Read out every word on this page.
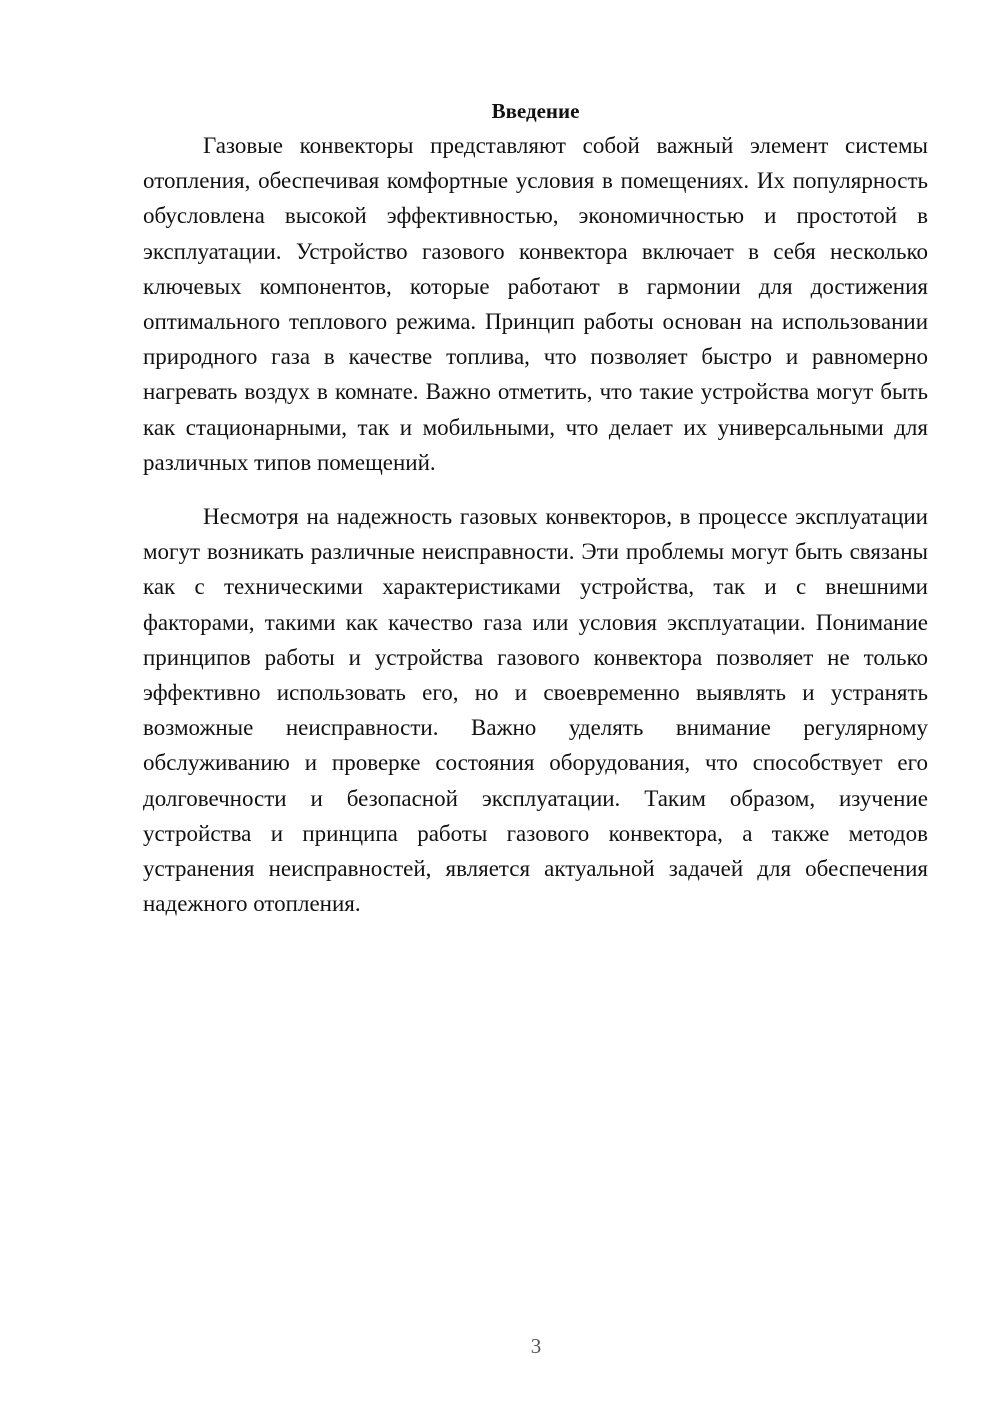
Введение

Газовые конвекторы представляют собой важный элемент системы отопления, обеспечивая комфортные условия в помещениях. Их популярность обусловлена высокой эффективностью, экономичностью и простотой в эксплуатации. Устройство газового конвектора включает в себя несколько ключевых компонентов, которые работают в гармонии для достижения оптимального теплового режима. Принцип работы основан на использовании природного газа в качестве топлива, что позволяет быстро и равномерно нагревать воздух в комнате. Важно отметить, что такие устройства могут быть как стационарными, так и мобильными, что делает их универсальными для различных типов помещений.

Несмотря на надежность газовых конвекторов, в процессе эксплуатации могут возникать различные неисправности. Эти проблемы могут быть связаны как с техническими характеристиками устройства, так и с внешними факторами, такими как качество газа или условия эксплуатации. Понимание принципов работы и устройства газового конвектора позволяет не только эффективно использовать его, но и своевременно выявлять и устранять возможные неисправности. Важно уделять внимание регулярному обслуживанию и проверке состояния оборудования, что способствует его долговечности и безопасной эксплуатации. Таким образом, изучение устройства и принципа работы газового конвектора, а также методов устранения неисправностей, является актуальной задачей для обеспечения надежного отопления.

3
